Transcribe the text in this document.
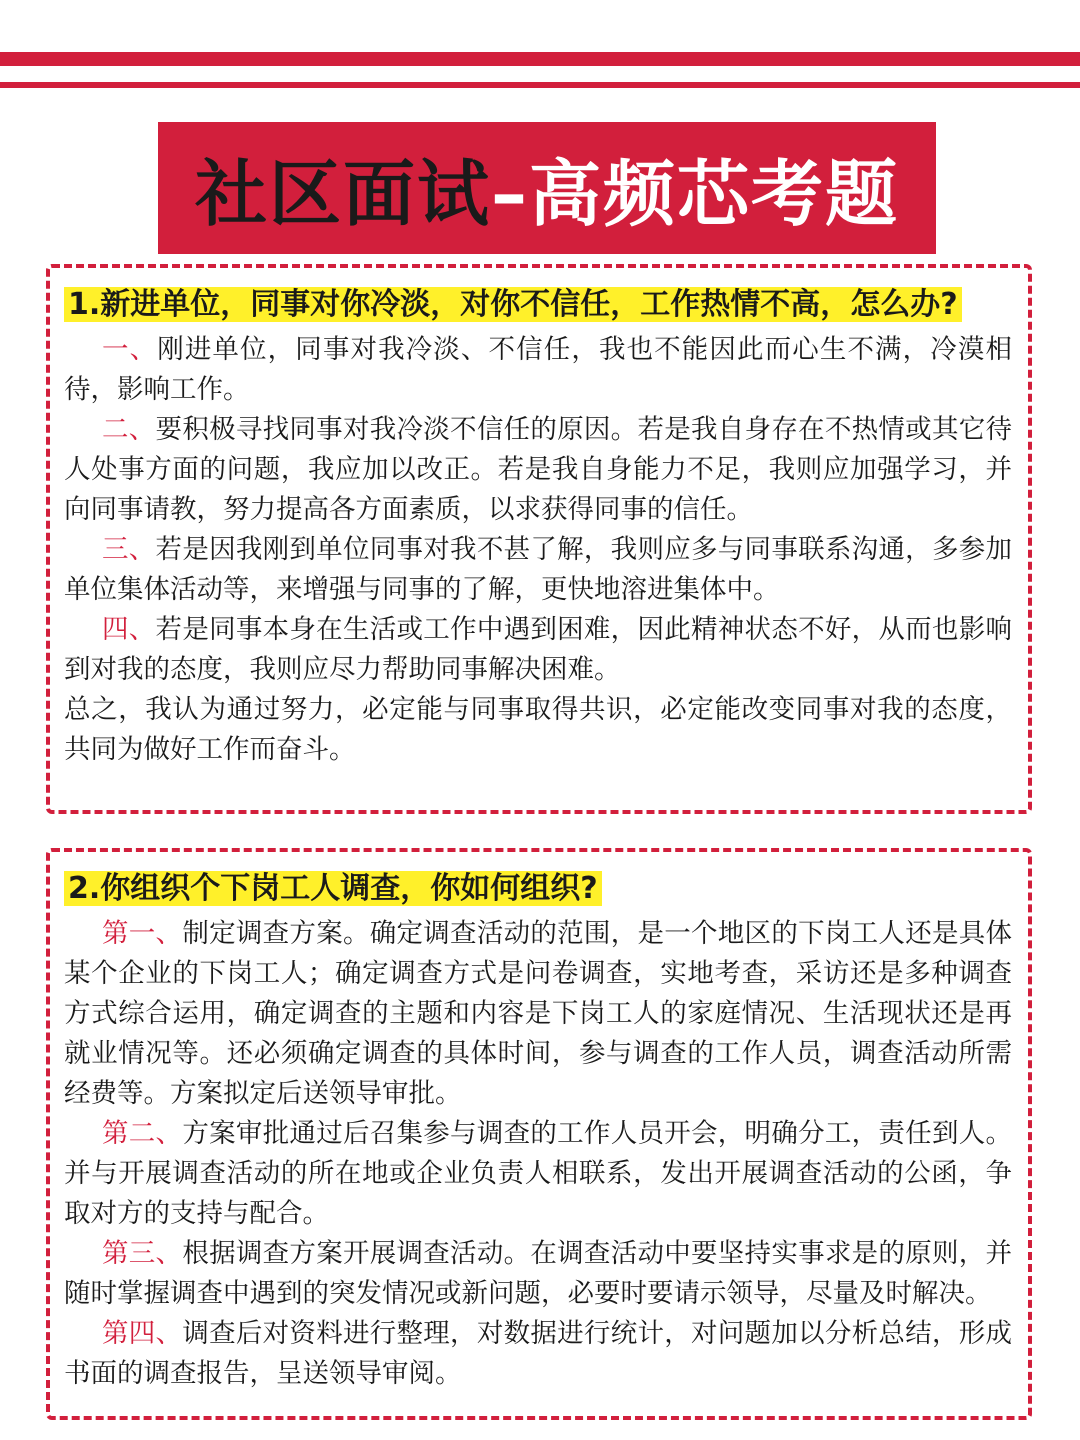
社区面试 –高频芯考题

1.新进单位，同事对你冷淡，对你不信任，工作热情不高，怎么办?

一、刚进单位，同事对我冷淡、不信任，我也不能因此而心生不满，冷漠相待，影响工作。

二、要积极寻找同事对我冷淡不信任的原因。若是我自身存在不热情或其它待人处事方面的问题，我应加以改正。若是我自身能力不足，我则应加强学习，并向同事请教，努力提高各方面素质，以求获得同事的信任。

三、若是因我刚到单位同事对我不甚了解，我则应多与同事联系沟通，多参加单位集体活动等，来增强与同事的了解，更快地溶进集体中。

四、若是同事本身在生活或工作中遇到困难，因此精神状态不好，从而也影响到对我的态度，我则应尽力帮助同事解决困难。

总之，我认为通过努力，必定能与同事取得共识，必定能改变同事对我的态度，共同为做好工作而奋斗。

2.你组织个下岗工人调查，你如何组织?

第一、制定调查方案。确定调查活动的范围，是一个地区的下岗工人还是具体某个企业的下岗工人；确定调查方式是问卷调查，实地考查，采访还是多种调查方式综合运用，确定调查的主题和内容是下岗工人的家庭情况、生活现状还是再就业情况等。还必须确定调查的具体时间，参与调查的工作人员，调查活动所需经费等。方案拟定后送领导审批。

第二、方案审批通过后召集参与调查的工作人员开会，明确分工，责任到人。并与开展调查活动的所在地或企业负责人相联系，发出开展调查活动的公函，争取对方的支持与配合。

第三、根据调查方案开展调查活动。在调查活动中要坚持实事求是的原则，并随时掌握调查中遇到的突发情况或新问题，必要时要请示领导，尽量及时解决。

第四、调查后对资料进行整理，对数据进行统计，对问题加以分析总结，形成书面的调查报告，呈送领导审阅。
